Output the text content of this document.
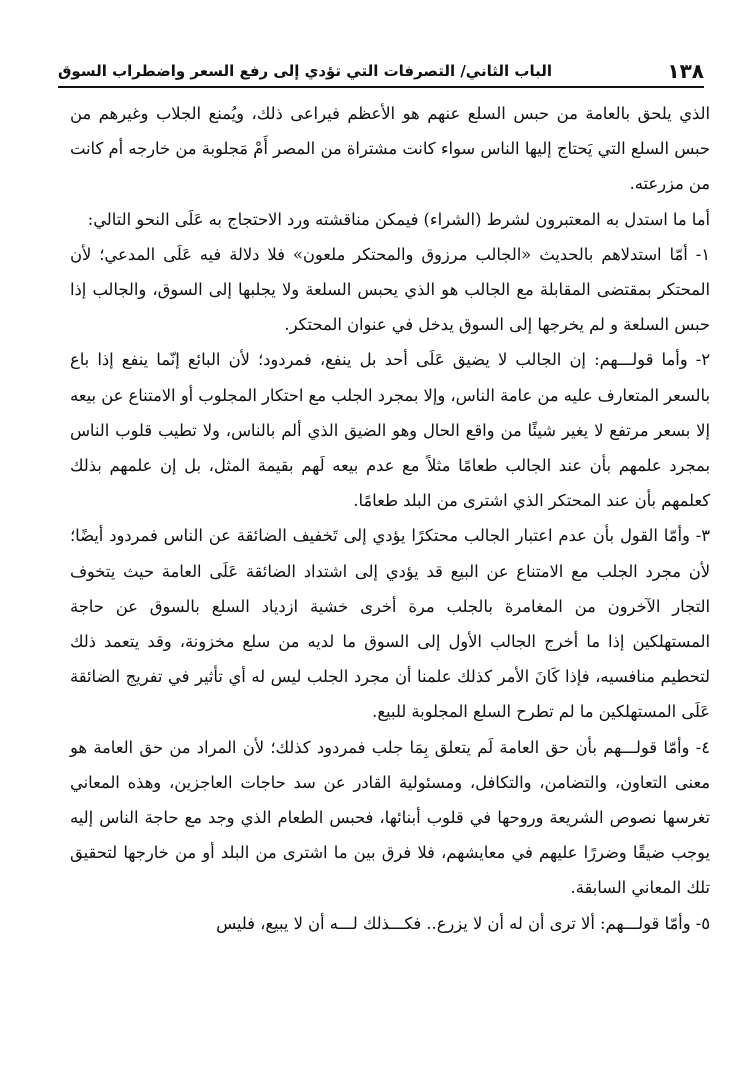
١٣٨
الباب الثاني/ التصرفات التي تؤدي إلى رفع السعر واضطراب السوق

الذي يلحق بالعامة من حبس السلع عنهم هو الأعظم فيراعى ذلك، ويُمنع الجلاب وغيرهم من حبس السلع التي يَحتاج إليها الناس سواء كانت مشتراة من المصر أَمْ مَجلوبة من خارجه أم كانت من مزرعته.

أما ما استدل به المعتبرون لشرط (الشراء) فيمكن مناقشته ورد الاحتجاج به عَلَى النحو التالي:

١- أمّا استدلاهم بالحديث «الجالب مرزوق والمحتكر ملعون» فلا دلالة فيه عَلَى المدعي؛ لأن المحتكر بمقتضى المقابلة مع الجالب هو الذي يحبس السلعة ولا يجلبها إلى السوق، والجالب إذا حبس السلعة و لم يخرجها إلى السوق يدخل في عنوان المحتكر.

٢- وأما قولـــهم: إن الجالب لا يضيق عَلَى أحد بل ينفع، فمردود؛ لأن البائع إنّما ينفع إذا باع بالسعر المتعارف عليه من عامة الناس، وإلا بمجرد الجلب مع احتكار المجلوب أو الامتناع عن بيعه إلا بسعر مرتفع لا يغير شيئًا من واقع الحال وهو الضيق الذي ألم بالناس، ولا تطيب قلوب الناس بمجرد علمهم بأن عند الجالب طعامًا مثلاً مع عدم بيعه لَهم بقيمة المثل، بل إن علمهم بذلك كعلمهم بأن عند المحتكر الذي اشترى من البلد طعامًا.

٣- وأمّا القول بأن عدم اعتبار الجالب محتكرًا يؤدي إلى تَخفيف الضائقة عن الناس فمردود أيضًا؛ لأن مجرد الجلب مع الامتناع عن البيع قد يؤدي إلى اشتداد الضائقة عَلَى العامة حيث يتخوف التجار الآخرون من المغامرة بالجلب مرة أخرى خشية ازدياد السلع بالسوق عن حاجة المستهلكين إذا ما أخرج الجالب الأول إلى السوق ما لديه من سلع مخزونة، وقد يتعمد ذلك لتحطيم منافسيه، فإذا كَانَ الأمر كذلك علمنا أن مجرد الجلب ليس له أي تأثير في تفريج الضائقة عَلَى المستهلكين ما لم تطرح السلع المجلوبة للبيع.

٤- وأمّا قولـــهم بأن حق العامة لَم يتعلق بِمَا جلب فمردود كذلك؛ لأن المراد من حق العامة هو معنى التعاون، والتضامن، والتكافل، ومسئولية القادر عن سد حاجات العاجزين، وهذه المعاني تغرسها نصوص الشريعة وروحها في قلوب أبنائها، فحبس الطعام الذي وجد مع حاجة الناس إليه يوجب ضيقًا وضررًا عليهم في معايشهم، فلا فرق بين ما اشترى من البلد أو من خارجها لتحقيق تلك المعاني السابقة.

٥- وأمّا قولـــهم: ألا ترى أن له أن لا يزرع.. فكـــذلك لـــه أن لا يبيع، فليس
